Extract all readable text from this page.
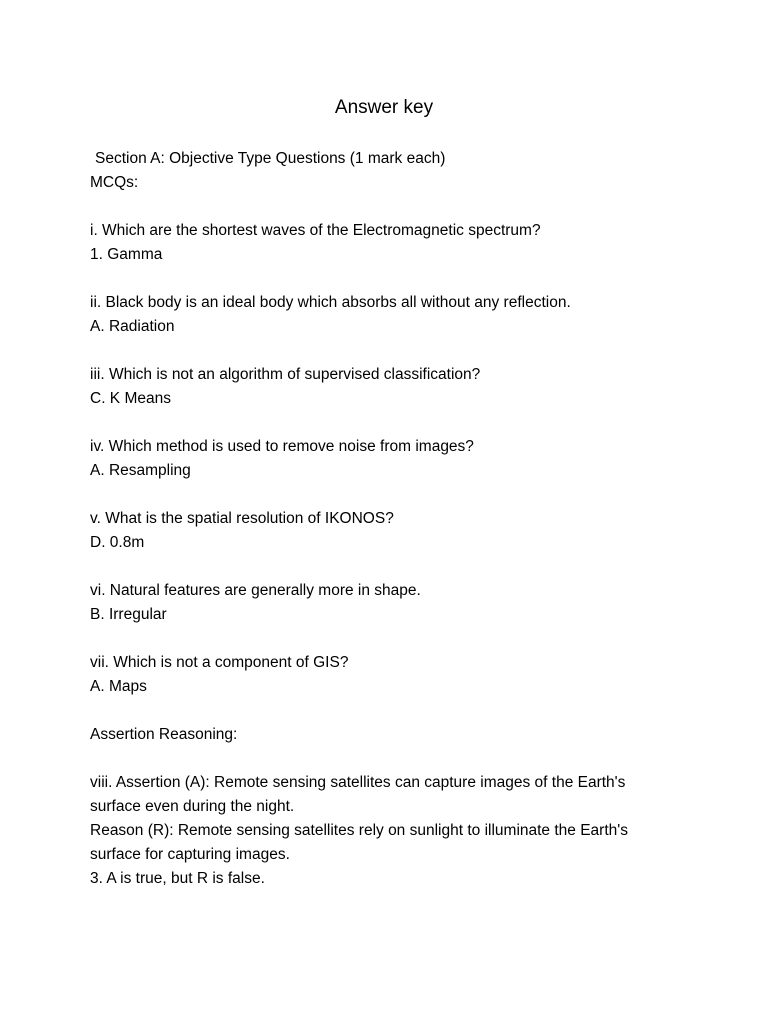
Answer key
Section A: Objective Type Questions (1 mark each)
MCQs:
i. Which are the shortest waves of the Electromagnetic spectrum?
1. Gamma
ii. Black body is an ideal body which absorbs all without any reflection.
A. Radiation
iii. Which is not an algorithm of supervised classification?
C. K Means
iv. Which method is used to remove noise from images?
A. Resampling
v. What is the spatial resolution of IKONOS?
D. 0.8m
vi. Natural features are generally more in shape.
B. Irregular
vii. Which is not a component of GIS?
A. Maps
Assertion Reasoning:
viii. Assertion (A): Remote sensing satellites can capture images of the Earth's surface even during the night.
Reason (R): Remote sensing satellites rely on sunlight to illuminate the Earth's surface for capturing images.
3. A is true, but R is false.
